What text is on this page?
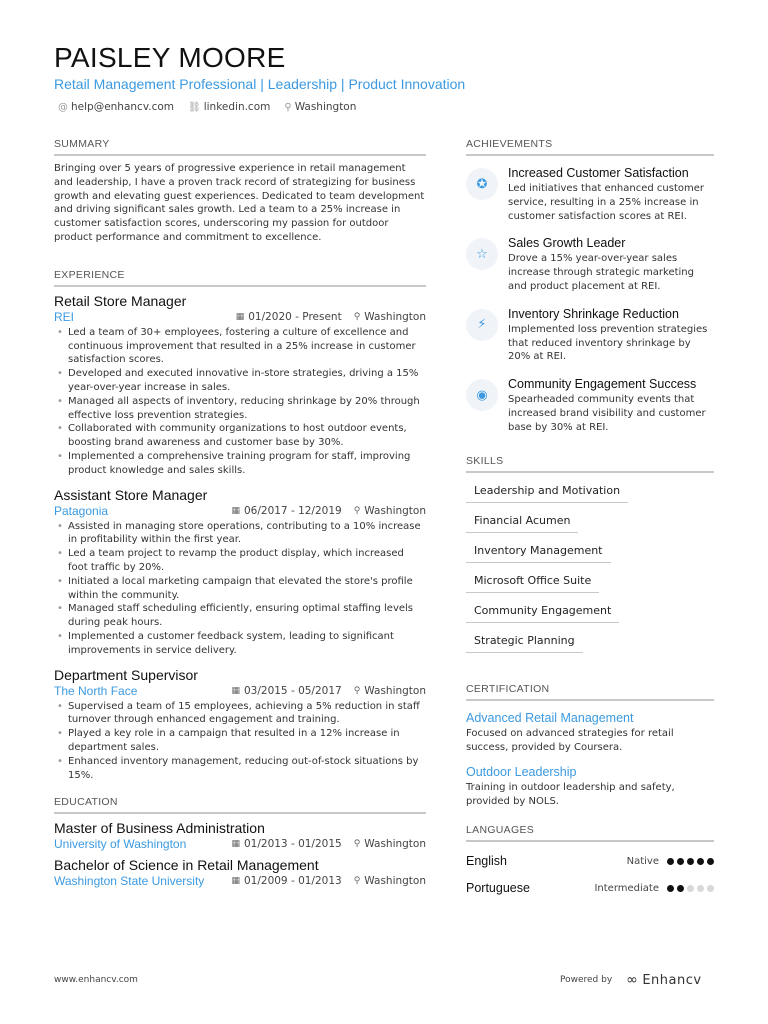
PAISLEY MOORE
Retail Management Professional | Leadership | Product Innovation
@ help@enhancv.com ⛓ linkedin.com ⚲ Washington
SUMMARY
Bringing over 5 years of progressive experience in retail management and leadership, I have a proven track record of strategizing for business growth and elevating guest experiences. Dedicated to team development and driving significant sales growth. Led a team to a 25% increase in customer satisfaction scores, underscoring my passion for outdoor product performance and commitment to excellence.
EXPERIENCE
Retail Store Manager
REI	▦ 01/2020 - Present ⚲ Washington
• Led a team of 30+ employees, fostering a culture of excellence and continuous improvement that resulted in a 25% increase in customer satisfaction scores.
• Developed and executed innovative in-store strategies, driving a 15% year-over-year increase in sales.
• Managed all aspects of inventory, reducing shrinkage by 20% through effective loss prevention strategies.
• Collaborated with community organizations to host outdoor events, boosting brand awareness and customer base by 30%.
• Implemented a comprehensive training program for staff, improving product knowledge and sales skills.
Assistant Store Manager
Patagonia	▦ 06/2017 - 12/2019 ⚲ Washington
• Assisted in managing store operations, contributing to a 10% increase in profitability within the first year.
• Led a team project to revamp the product display, which increased foot traffic by 20%.
• Initiated a local marketing campaign that elevated the store's profile within the community.
• Managed staff scheduling efficiently, ensuring optimal staffing levels during peak hours.
• Implemented a customer feedback system, leading to significant improvements in service delivery.
Department Supervisor
The North Face	▦ 03/2015 - 05/2017 ⚲ Washington
• Supervised a team of 15 employees, achieving a 5% reduction in staff turnover through enhanced engagement and training.
• Played a key role in a campaign that resulted in a 12% increase in department sales.
• Enhanced inventory management, reducing out-of-stock situations by 15%.
EDUCATION
Master of Business Administration
University of Washington	▦ 01/2013 - 01/2015 ⚲ Washington
Bachelor of Science in Retail Management
Washington State University	▦ 01/2009 - 01/2013 ⚲ Washington
ACHIEVEMENTS
✪
Increased Customer Satisfaction
Led initiatives that enhanced customer service, resulting in a 25% increase in customer satisfaction scores at REI.
☆
Sales Growth Leader
Drove a 15% year-over-year sales increase through strategic marketing and product placement at REI.
⚡
Inventory Shrinkage Reduction
Implemented loss prevention strategies that reduced inventory shrinkage by 20% at REI.
◉
Community Engagement Success
Spearheaded community events that increased brand visibility and customer base by 30% at REI.
SKILLS
Leadership and Motivation
Financial Acumen
Inventory Management
Microsoft Office Suite
Community Engagement
Strategic Planning
CERTIFICATION
Advanced Retail Management
Focused on advanced strategies for retail success, provided by Coursera.
Outdoor Leadership
Training in outdoor leadership and safety, provided by NOLS.
LANGUAGES
English	Native
Portuguese	Intermediate
www.enhancv.com	Powered by ∞ Enhancv
